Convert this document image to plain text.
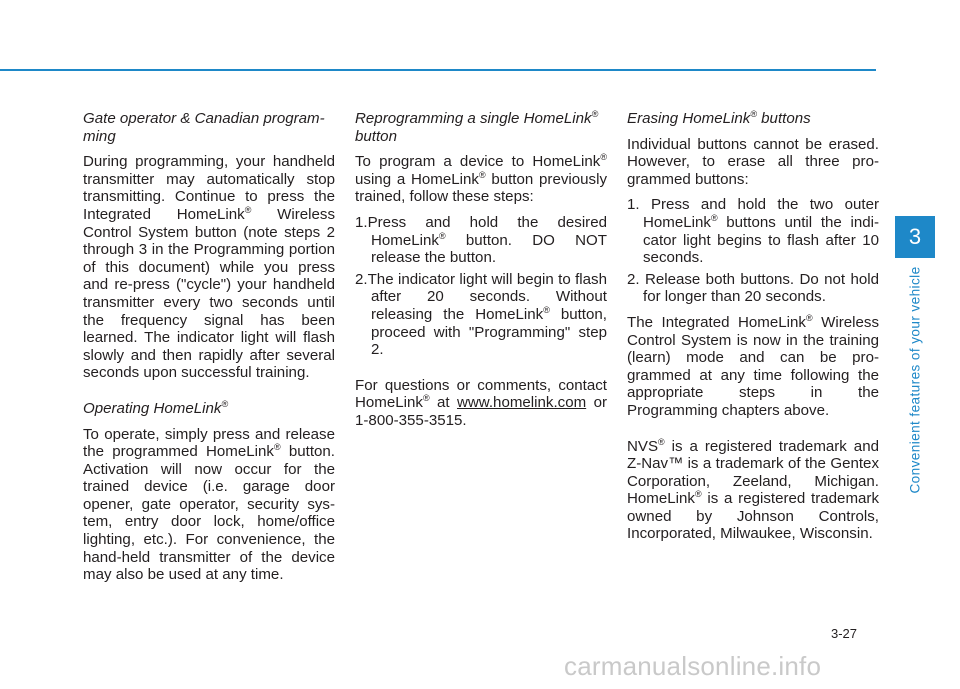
Gate operator & Canadian program- ming

During programming, your handheld transmitter may automatically stop transmitting. Continue to press the Integrated HomeLink® Wireless Control System button (note steps 2 through 3 in the Programming portion of this document) while you press and re-press ("cycle") your handheld transmitter every two seconds until the frequency signal has been learned. The indicator light will flash slowly and then rapidly after several seconds upon successful training.

Operating HomeLink®

To operate, simply press and release the programmed HomeLink® button. Activation will now occur for the trained device (i.e. garage door opener, gate operator, security sys- tem, entry door lock, home/office lighting, etc.). For convenience, the hand-held transmitter of the device may also be used at any time.

Reprogramming a single HomeLink®
button

To program a device to HomeLink® using a HomeLink® button previously trained, follow these steps:

1.Press and hold the desired HomeLink® button. DO NOT release the button.
2.The indicator light will begin to flash after 20 seconds. Without releasing the HomeLink® button, proceed with "Programming" step 2.

For questions or comments, contact HomeLink® at www.homelink.com or 1-800-355-3515.

Erasing HomeLink® buttons

Individual buttons cannot be erased. However, to erase all three pro- grammed buttons:

1. Press and hold the two outer HomeLink® buttons until the indi- cator light begins to flash after 10 seconds.
2. Release both buttons. Do not hold for longer than 20 seconds.

The Integrated HomeLink® Wireless Control System is now in the training (learn) mode and can be pro- grammed at any time following the appropriate steps in the Programming chapters above.

NVS® is a registered trademark and Z-Nav™ is a trademark of the Gentex Corporation, Zeeland, Michigan. HomeLink® is a registered trademark owned by Johnson Controls, Incorporated, Milwaukee, Wisconsin.

3
Convenient features of your vehicle
3-27
carmanualsonline.info
